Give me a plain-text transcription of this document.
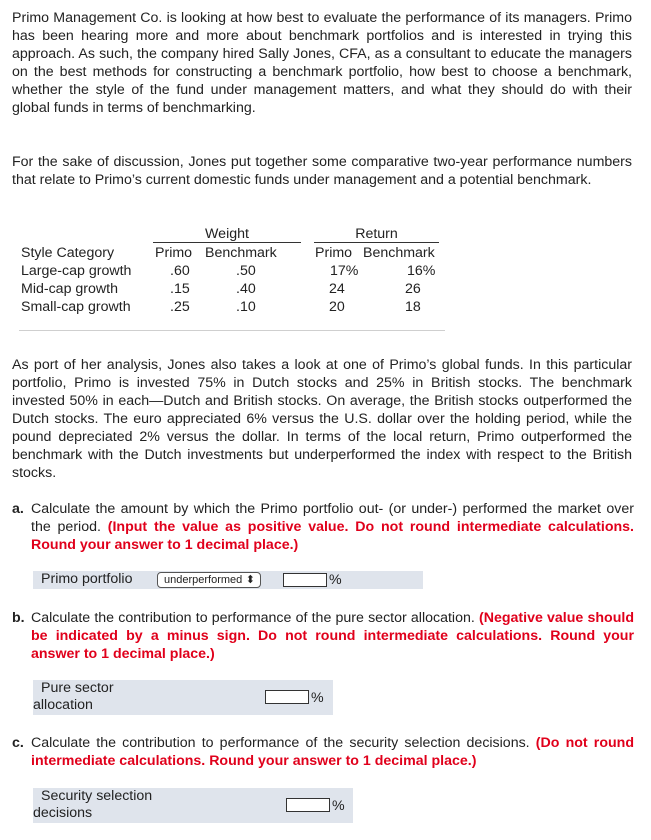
Primo Management Co. is looking at how best to evaluate the performance of its managers. Primo has been hearing more and more about benchmark portfolios and is interested in trying this approach. As such, the company hired Sally Jones, CFA, as a consultant to educate the managers on the best methods for constructing a benchmark portfolio, how best to choose a benchmark, whether the style of the fund under management matters, and what they should do with their global funds in terms of benchmarking.

For the sake of discussion, Jones put together some comparative two-year performance numbers that relate to Primo’s current domestic funds under management and a potential benchmark.

Weight	Return
Style Category	Primo Benchmark	Primo Benchmark
Large-cap growth	.60	.50	17%	16%
Mid-cap growth	.15	.40	24	26
Small-cap growth	.25	.10	20	18

As port of her analysis, Jones also takes a look at one of Primo’s global funds. In this particular portfolio, Primo is invested 75% in Dutch stocks and 25% in British stocks. The benchmark invested 50% in each—Dutch and British stocks. On average, the British stocks outperformed the Dutch stocks. The euro appreciated 6% versus the U.S. dollar over the holding period, while the pound depreciated 2% versus the dollar. In terms of the local return, Primo outperformed the benchmark with the Dutch investments but underperformed the index with respect to the British stocks.

a. Calculate the amount by which the Primo portfolio out- (or under-) performed the market over the period. (Input the value as positive value. Do not round intermediate calculations. Round your answer to 1 decimal place.)

Primo portfolio	underperformed ⬍	%
b. Calculate the contribution to performance of the pure sector allocation. (Negative value should be indicated by a minus sign. Do not round intermediate calculations. Round your answer to 1 decimal place.)

Pure sector
allocation	%
c. Calculate the contribution to performance of the security selection decisions. (Do not round intermediate calculations. Round your answer to 1 decimal place.)

Security selection
decisions	%
